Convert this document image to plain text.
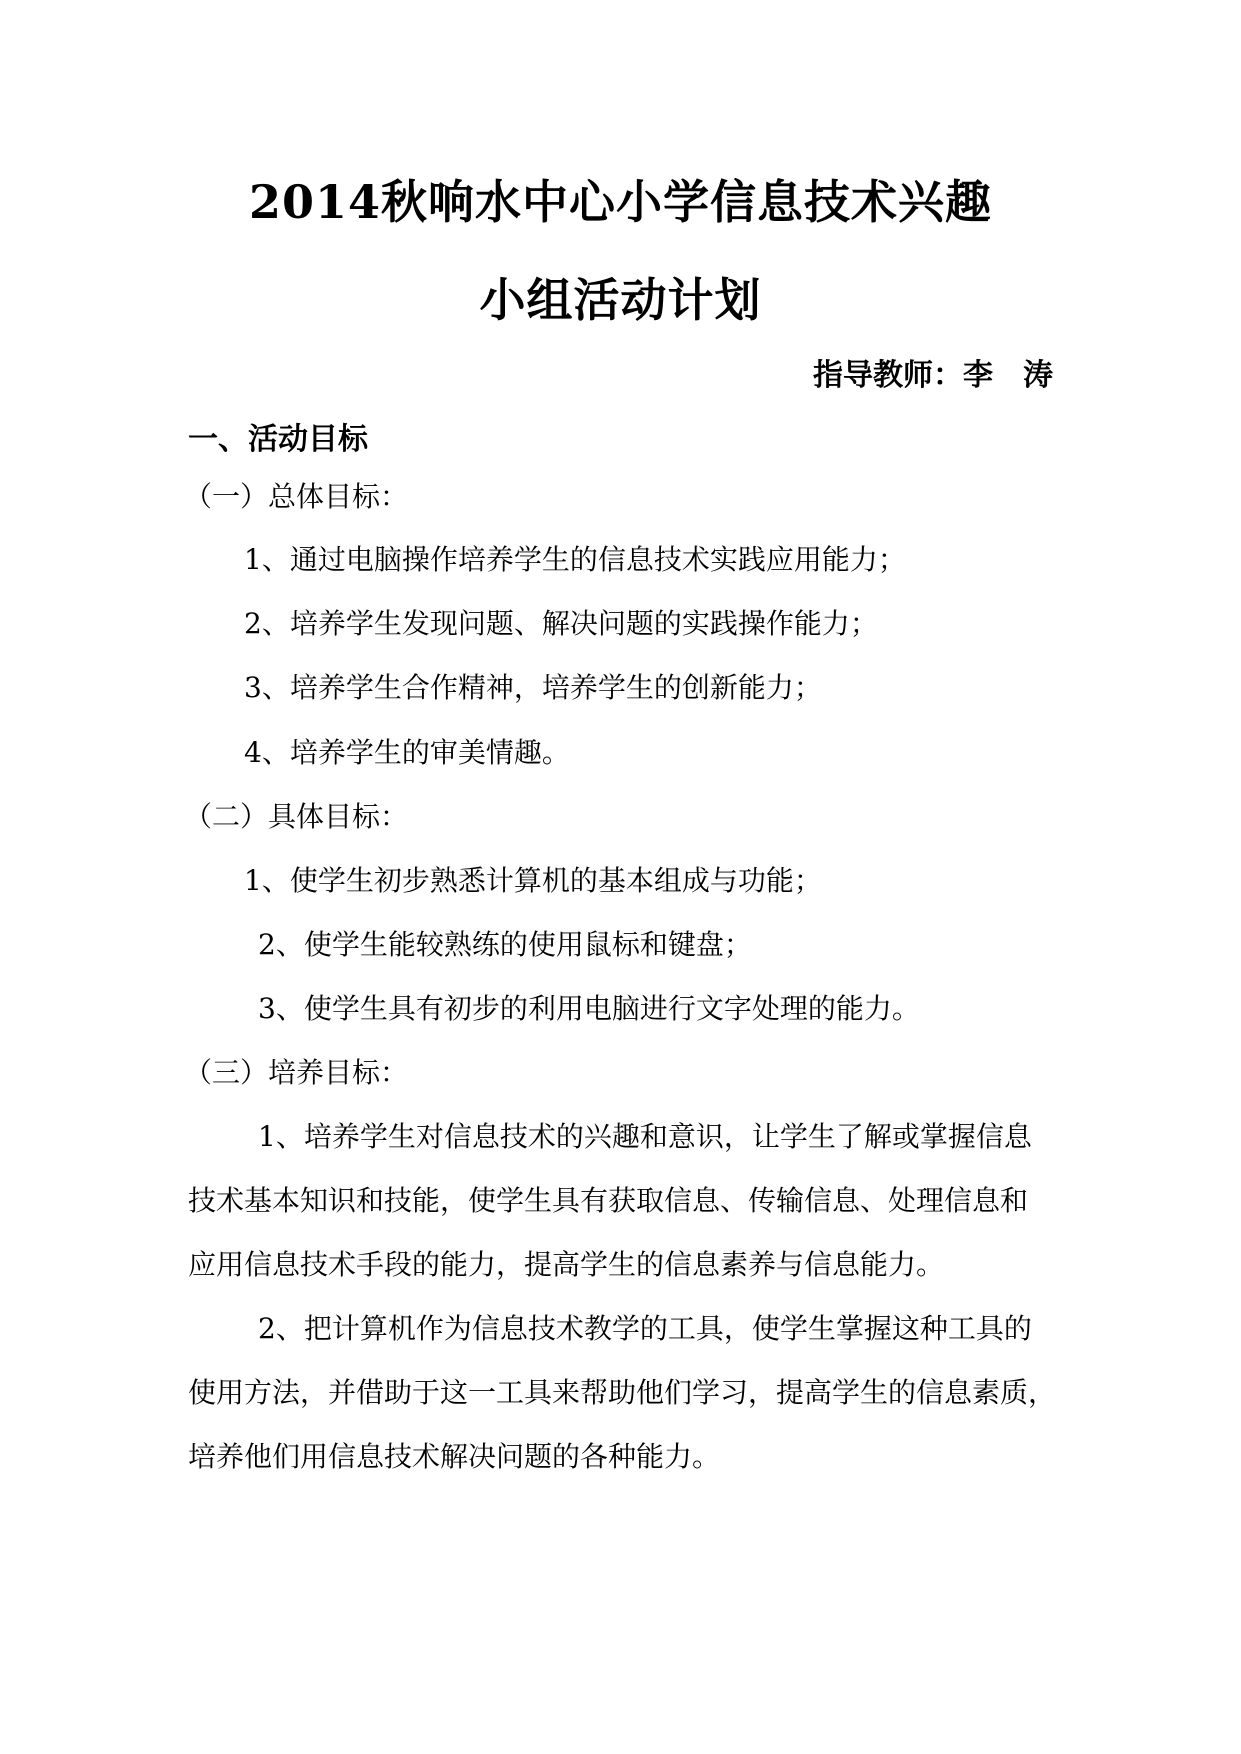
2014秋响水中心小学信息技术兴趣
小组活动计划
指导教师：李　涛
一、活动目标
（一）总体目标：
1、通过电脑操作培养学生的信息技术实践应用能力；
2、培养学生发现问题、解决问题的实践操作能力；
3、培养学生合作精神，培养学生的创新能力；
4、培养学生的审美情趣。
（二）具体目标：
1、使学生初步熟悉计算机的基本组成与功能；
2、使学生能较熟练的使用鼠标和键盘；
3、使学生具有初步的利用电脑进行文字处理的能力。
（三）培养目标：
1、培养学生对信息技术的兴趣和意识，让学生了解或掌握信息
技术基本知识和技能，使学生具有获取信息、传输信息、处理信息和
应用信息技术手段的能力，提高学生的信息素养与信息能力。
2、把计算机作为信息技术教学的工具，使学生掌握这种工具的
使用方法，并借助于这一工具来帮助他们学习，提高学生的信息素质，
培养他们用信息技术解决问题的各种能力。
